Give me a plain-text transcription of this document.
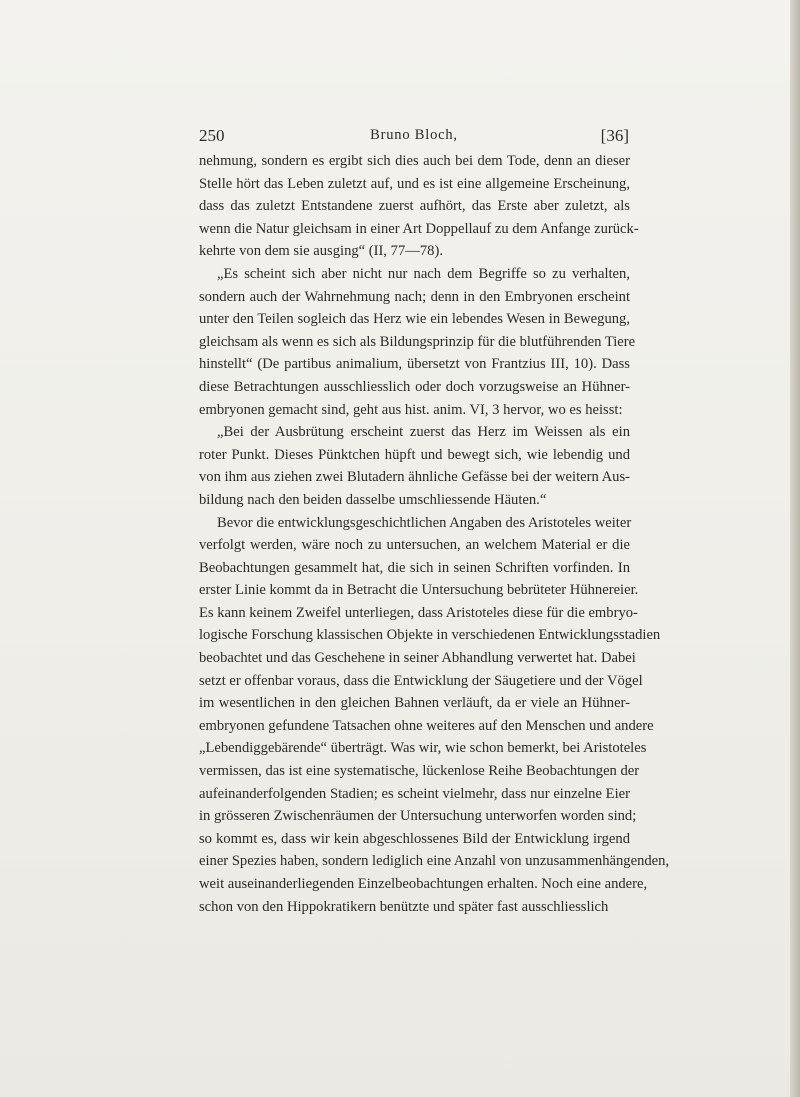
250	Bruno Bloch,	[36]
nehmung, sondern es ergibt sich dies auch bei dem Tode, denn an dieser
Stelle hört das Leben zuletzt auf, und es ist eine allgemeine Erscheinung,
dass das zuletzt Entstandene zuerst aufhört, das Erste aber zuletzt, als
wenn die Natur gleichsam in einer Art Doppellauf zu dem Anfange zurück-
kehrte von dem sie ausging“ (II, 77—78).
„Es scheint sich aber nicht nur nach dem Begriffe so zu verhalten,
sondern auch der Wahrnehmung nach; denn in den Embryonen erscheint
unter den Teilen sogleich das Herz wie ein lebendes Wesen in Bewegung,
gleichsam als wenn es sich als Bildungsprinzip für die blutführenden Tiere
hinstellt“ (De partibus animalium, übersetzt von Frantzius III, 10). Dass
diese Betrachtungen ausschliesslich oder doch vorzugsweise an Hühner-
embryonen gemacht sind, geht aus hist. anim. VI, 3 hervor, wo es heisst:
„Bei der Ausbrütung erscheint zuerst das Herz im Weissen als ein
roter Punkt. Dieses Pünktchen hüpft und bewegt sich, wie lebendig und
von ihm aus ziehen zwei Blutadern ähnliche Gefässe bei der weitern Aus-
bildung nach den beiden dasselbe umschliessende Häuten.“
Bevor die entwicklungsgeschichtlichen Angaben des Aristoteles weiter
verfolgt werden, wäre noch zu untersuchen, an welchem Material er die
Beobachtungen gesammelt hat, die sich in seinen Schriften vorfinden. In
erster Linie kommt da in Betracht die Untersuchung bebrüteter Hühnereier.
Es kann keinem Zweifel unterliegen, dass Aristoteles diese für die embryo-
logische Forschung klassischen Objekte in verschiedenen Entwicklungsstadien
beobachtet und das Geschehene in seiner Abhandlung verwertet hat. Dabei
setzt er offenbar voraus, dass die Entwicklung der Säugetiere und der Vögel
im wesentlichen in den gleichen Bahnen verläuft, da er viele an Hühner-
embryonen gefundene Tatsachen ohne weiteres auf den Menschen und andere
„Lebendiggebärende“ überträgt. Was wir, wie schon bemerkt, bei Aristoteles
vermissen, das ist eine systematische, lückenlose Reihe Beobachtungen der
aufeinanderfolgenden Stadien; es scheint vielmehr, dass nur einzelne Eier
in grösseren Zwischenräumen der Untersuchung unterworfen worden sind;
so kommt es, dass wir kein abgeschlossenes Bild der Entwicklung irgend
einer Spezies haben, sondern lediglich eine Anzahl von unzusammenhängenden,
weit auseinanderliegenden Einzelbeobachtungen erhalten. Noch eine andere,
schon von den Hippokratikern benützte und später fast ausschliesslich
